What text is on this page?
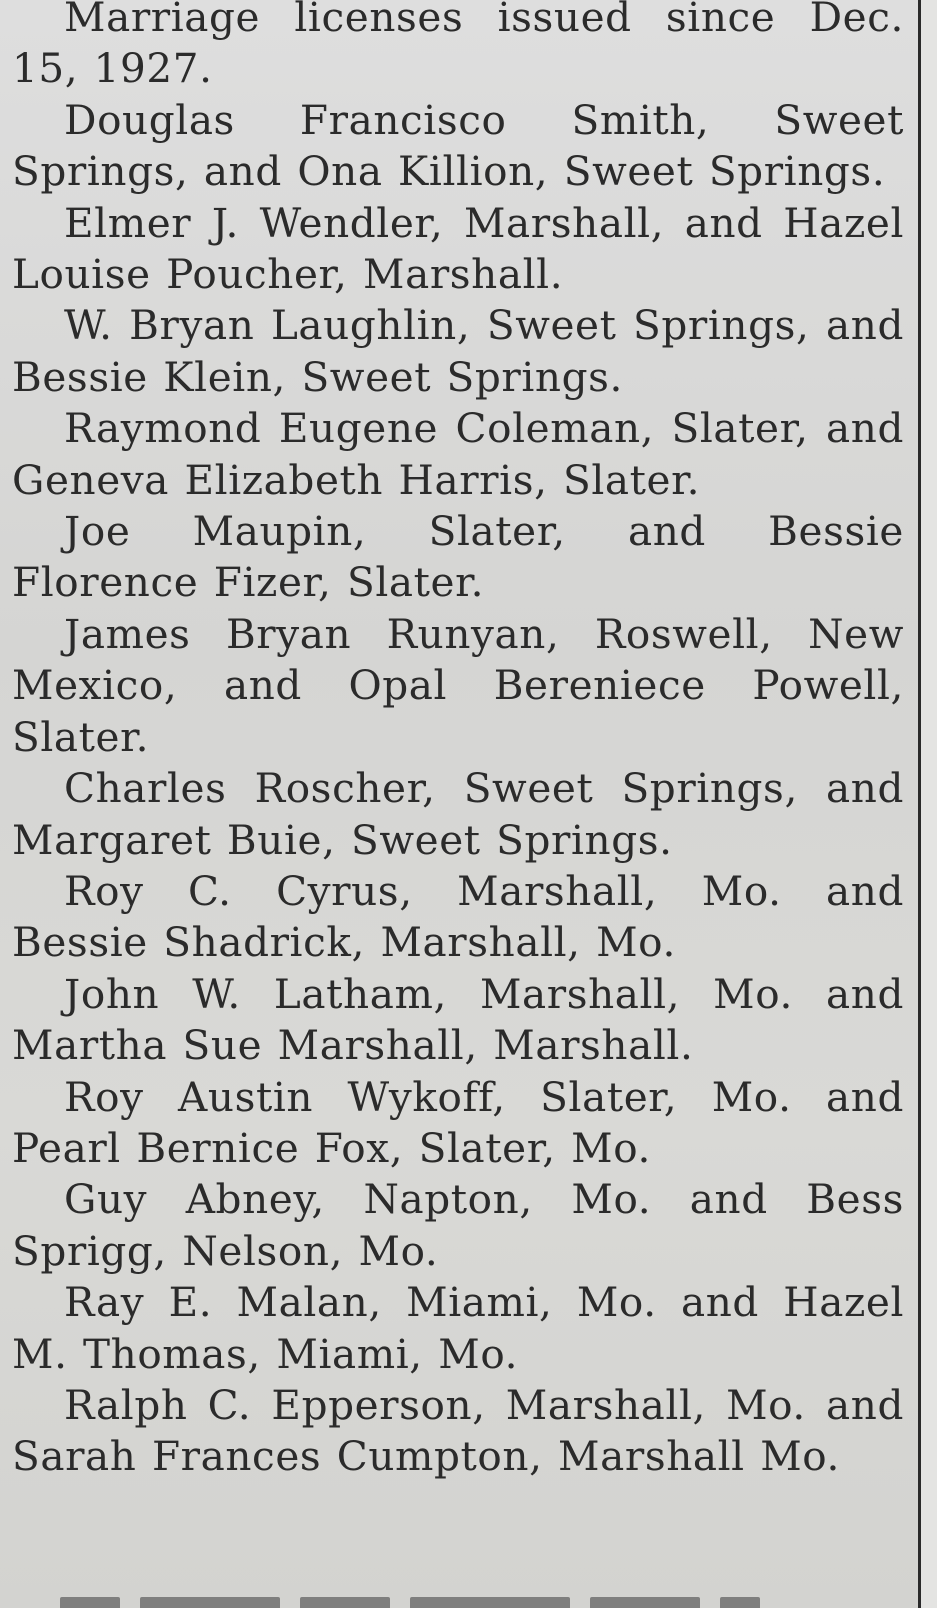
Marriage licenses issued since Dec. 15, 1927.

Douglas Francisco Smith, Sweet Springs, and Ona Killion, Sweet Springs.

Elmer J. Wendler, Marshall, and Hazel Louise Poucher, Marshall.

W. Bryan Laughlin, Sweet Springs, and Bessie Klein, Sweet Springs.

Raymond Eugene Coleman, Slater, and Geneva Elizabeth Harris, Slater.

Joe Maupin, Slater, and Bessie Florence Fizer, Slater.

James Bryan Runyan, Roswell, New Mexico, and Opal Bereniece Powell, Slater.

Charles Roscher, Sweet Springs, and Margaret Buie, Sweet Springs.

Roy C. Cyrus, Marshall, Mo. and Bessie Shadrick, Marshall, Mo.

John W. Latham, Marshall, Mo. and Martha Sue Marshall, Marshall.

Roy Austin Wykoff, Slater, Mo. and Pearl Bernice Fox, Slater, Mo.

Guy Abney, Napton, Mo. and Bess Sprigg, Nelson, Mo.

Ray E. Malan, Miami, Mo. and Hazel M. Thomas, Miami, Mo.

Ralph C. Epperson, Marshall, Mo. and Sarah Frances Cumpton, Marshall Mo.
